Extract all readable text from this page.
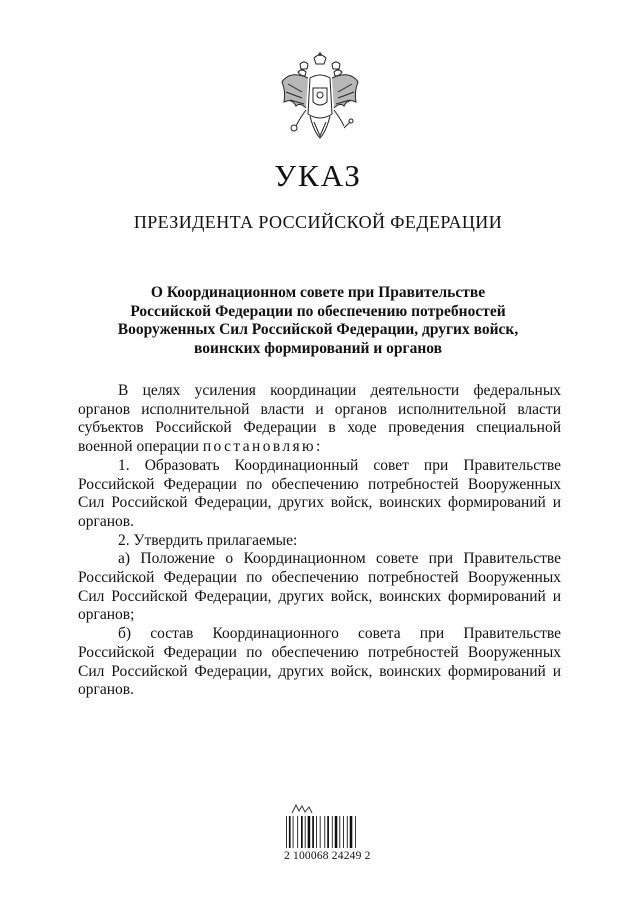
УКАЗ
ПРЕЗИДЕНТА РОССИЙСКОЙ ФЕДЕРАЦИИ
О Координационном совете при Правительстве
Российской Федерации по обеспечению потребностей
Вооруженных Сил Российской Федерации, других войск,
воинских формирований и органов

В целях усиления координации деятельности федеральных органов исполнительной власти и органов исполнительной власти субъектов Российской Федерации в ходе проведения специальной военной операции постановляю:

1. Образовать Координационный совет при Правительстве Российской Федерации по обеспечению потребностей Вооруженных Сил Российской Федерации, других войск, воинских формирований и органов.

2. Утвердить прилагаемые:

а) Положение о Координационном совете при Правительстве Российской Федерации по обеспечению потребностей Вооруженных Сил Российской Федерации, других войск, воинских формирований и органов;

б) состав Координационного совета при Правительстве Российской Федерации по обеспечению потребностей Вооруженных Сил Российской Федерации, других войск, воинских формирований и органов.

2 100068 24249 2
